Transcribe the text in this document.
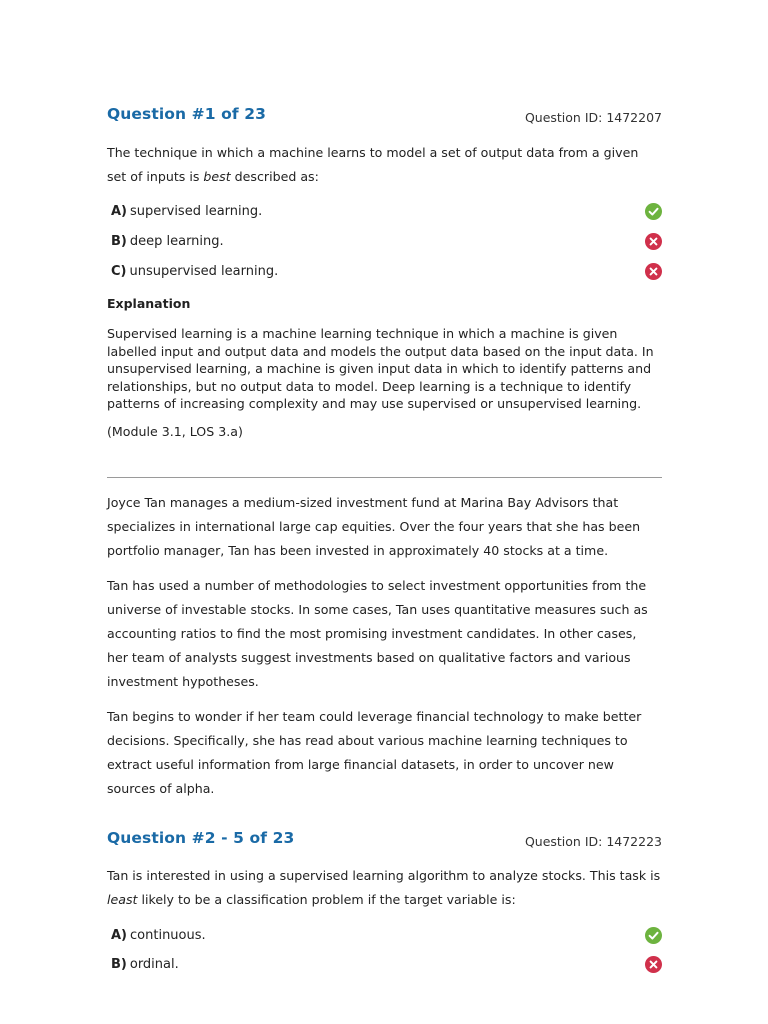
Question #1 of 23	Question ID: 1472207

The technique in which a machine learns to model a set of output data from a given set of inputs is best described as:

A) supervised learning.
B) deep learning.
C) unsupervised learning.
Explanation

Supervised learning is a machine learning technique in which a machine is given labelled input and output data and models the output data based on the input data. In unsupervised learning, a machine is given input data in which to identify patterns and relationships, but no output data to model. Deep learning is a technique to identify patterns of increasing complexity and may use supervised or unsupervised learning.

(Module 3.1, LOS 3.a)

Joyce Tan manages a medium-sized investment fund at Marina Bay Advisors that specializes in international large cap equities. Over the four years that she has been portfolio manager, Tan has been invested in approximately 40 stocks at a time.

Tan has used a number of methodologies to select investment opportunities from the universe of investable stocks. In some cases, Tan uses quantitative measures such as accounting ratios to find the most promising investment candidates. In other cases, her team of analysts suggest investments based on qualitative factors and various investment hypotheses.

Tan begins to wonder if her team could leverage financial technology to make better decisions. Specifically, she has read about various machine learning techniques to extract useful information from large financial datasets, in order to uncover new sources of alpha.

Question #2 - 5 of 23	Question ID: 1472223

Tan is interested in using a supervised learning algorithm to analyze stocks. This task is least likely to be a classification problem if the target variable is:

A) continuous.
B) ordinal.
